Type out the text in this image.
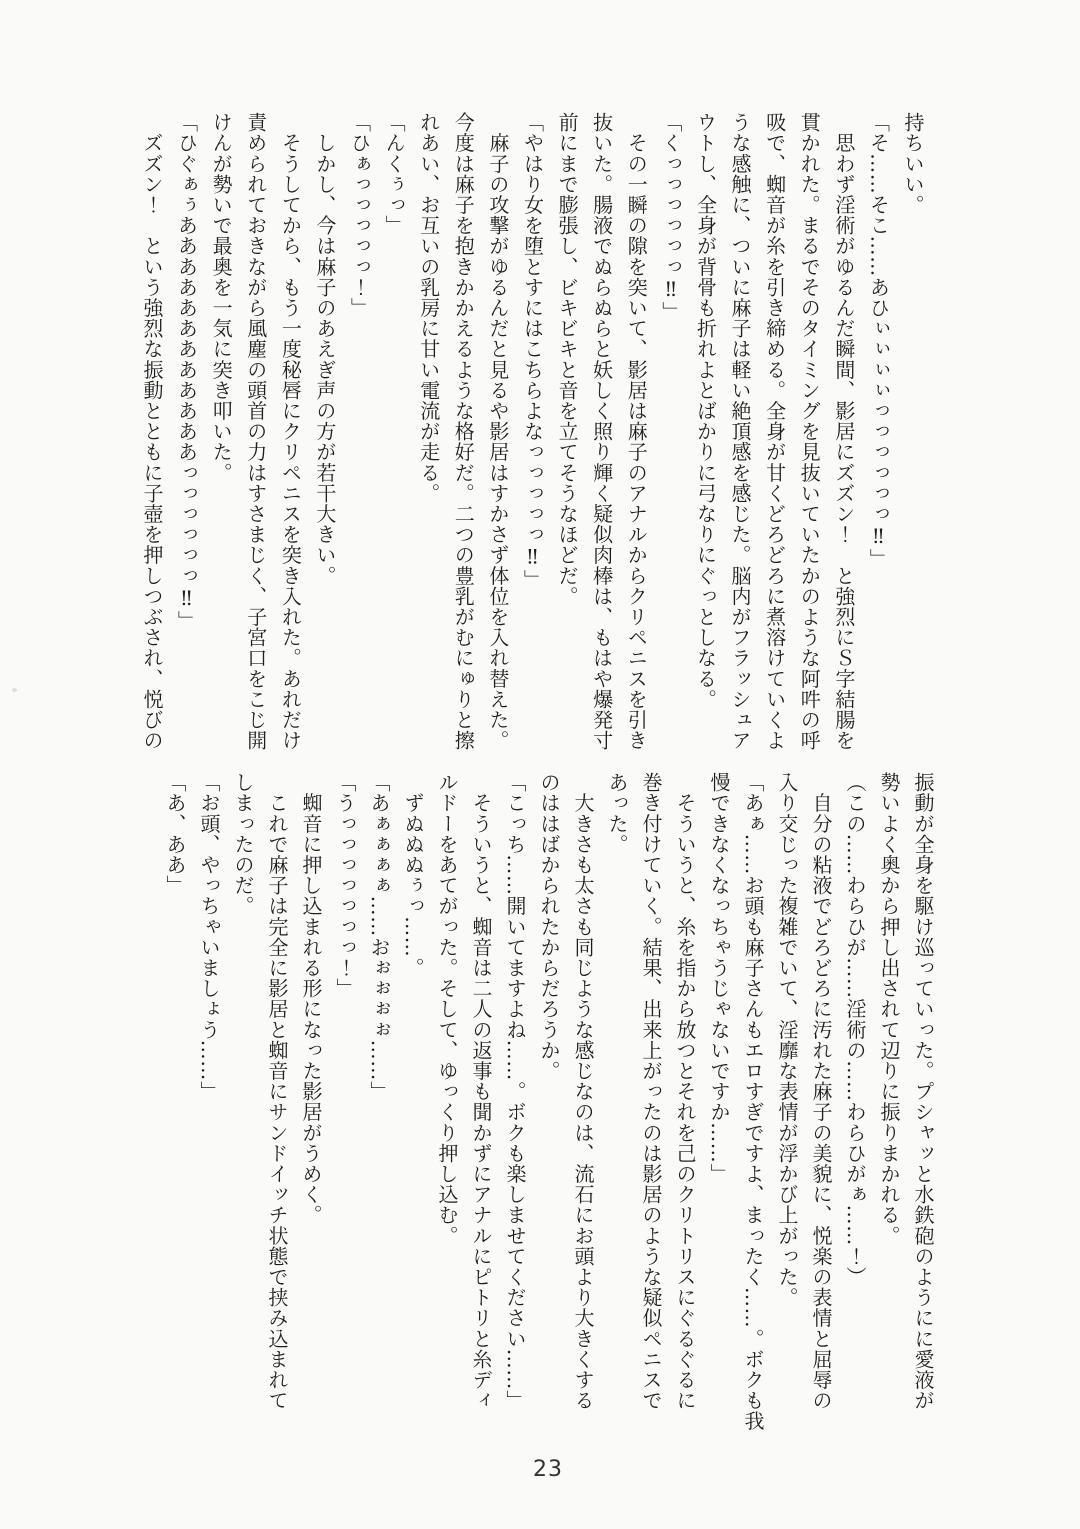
持ちいい。
「そ……そこ……あひぃぃぃぃっっっっっっ‼」
　思わず淫術がゆるんだ瞬間、影居にズズン！　と強烈にＳ字結腸を
貫かれた。まるでそのタイミングを見抜いていたかのような阿吽の呼
吸で、蜘音が糸を引き締める。全身が甘くどろどろに煮溶けていくよ
うな感触に、ついに麻子は軽い絶頂感を感じた。脳内がフラッシュア
ウトし、全身が背骨も折れよとばかりに弓なりにぐっとしなる。
「くっっっっっっ‼」
　その一瞬の隙を突いて、影居は麻子のアナルからクリペニスを引き
抜いた。腸液でぬらぬらと妖しく照り輝く疑似肉棒は、もはや爆発寸
前にまで膨張し、ビキビキと音を立てそうなほどだ。
「やはり女を堕とすにはこちらよなっっっっっ‼」
　麻子の攻撃がゆるんだと見るや影居はすかさず体位を入れ替えた。
今度は麻子を抱きかかえるような格好だ。二つの豊乳がむにゅりと擦
れあい、お互いの乳房に甘い電流が走る。
「んくぅっ」
「ひぁっっっっっ！」
　しかし、今は麻子のあえぎ声の方が若干大きい。
　そうしてから、もう一度秘唇にクリペニスを突き入れた。あれだけ
責められておきながら風塵の頭首の力はすさまじく、子宮口をこじ開
けんが勢いで最奥を一気に突き叩いた。
「ひぐぁぅああああああああああああっっっっっっ‼」
　ズズン！　という強烈な振動とともに子壺を押しつぶされ、悦びの
振動が全身を駆け巡っていった。プシャッと水鉄砲のようにに愛液が
勢いよく奥から押し出されて辺りに振りまかれる。
（この……わらひが……淫術の……わらひがぁ……！）
　自分の粘液でどろどろに汚れた麻子の美貌に、悦楽の表情と屈辱の
入り交じった複雑でいて、淫靡な表情が浮かび上がった。
「あぁ……お頭も麻子さんもエロすぎですよ、まったく……。ボクも我
慢できなくなっちゃうじゃないですか……」
　そういうと、糸を指から放つとそれを己のクリトリスにぐるぐるに
巻き付けていく。結果、出来上がったのは影居のような疑似ペニスで
あった。
　大きさも太さも同じような感じなのは、流石にお頭より大きくする
のははばかられたからだろうか。
「こっち……開いてますよね……。ボクも楽しませてください……」
　そういうと、蜘音は二人の返事も聞かずにアナルにピトリと糸ディ
ルドーをあてがった。そして、ゆっくり押し込む。
　ずぬぬぬぅっ……。
「あぁぁぁぁ……おぉぉぉぉ……」
「うっっっっっっっ！」
　蜘音に押し込まれる形になった影居がうめく。
　これで麻子は完全に影居と蜘音にサンドイッチ状態で挟み込まれて
しまったのだ。
「お頭、やっちゃいましょう……」
「あ、ああ」
23
